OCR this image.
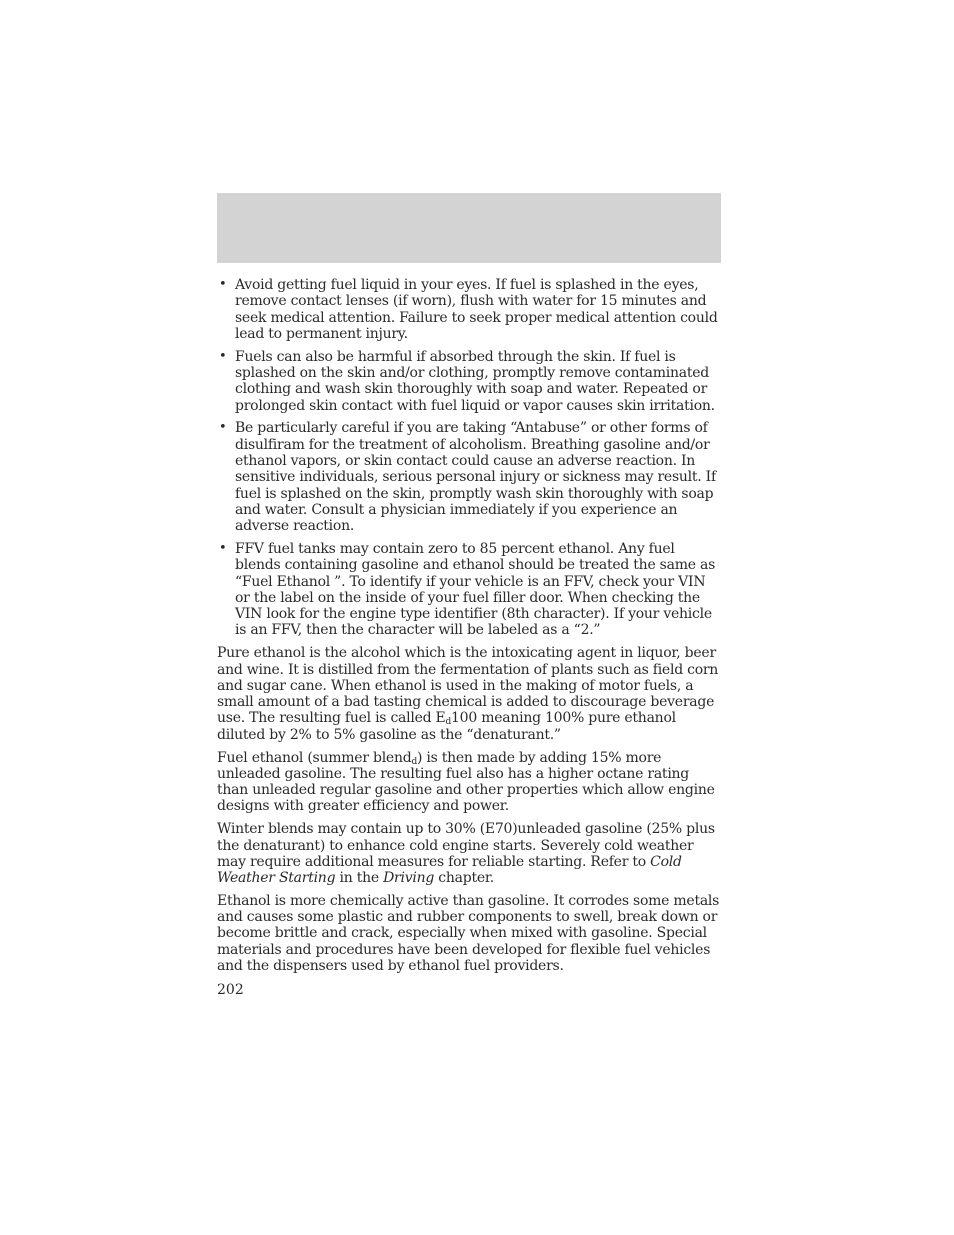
• Avoid getting fuel liquid in your eyes. If fuel is splashed in the eyes, remove contact lenses (if worn), flush with water for 15 minutes and seek medical attention. Failure to seek proper medical attention could lead to permanent injury.
• Fuels can also be harmful if absorbed through the skin. If fuel is splashed on the skin and/or clothing, promptly remove contaminated clothing and wash skin thoroughly with soap and water. Repeated or prolonged skin contact with fuel liquid or vapor causes skin irritation.
• Be particularly careful if you are taking “Antabuse” or other forms of disulfiram for the treatment of alcoholism. Breathing gasoline and/or ethanol vapors, or skin contact could cause an adverse reaction. In sensitive individuals, serious personal injury or sickness may result. If fuel is splashed on the skin, promptly wash skin thoroughly with soap and water. Consult a physician immediately if you experience an adverse reaction.
• FFV fuel tanks may contain zero to 85 percent ethanol. Any fuel blends containing gasoline and ethanol should be treated the same as “Fuel Ethanol ”. To identify if your vehicle is an FFV, check your VIN or the label on the inside of your fuel filler door. When checking the VIN look for the engine type identifier (8th character). If your vehicle is an FFV, then the character will be labeled as a “2.”

Pure ethanol is the alcohol which is the intoxicating agent in liquor, beer and wine. It is distilled from the fermentation of plants such as field corn and sugar cane. When ethanol is used in the making of motor fuels, a small amount of a bad tasting chemical is added to discourage beverage use. The resulting fuel is called $E_d100$ meaning 100% pure ethanol diluted by 2% to 5% gasoline as the “denaturant.”

Fuel ethanol (summer blend$_d$) is then made by adding 15% more unleaded gasoline. The resulting fuel also has a higher octane rating than unleaded regular gasoline and other properties which allow engine designs with greater efficiency and power.

Winter blends may contain up to 30% (E70)unleaded gasoline (25% plus the denaturant) to enhance cold engine starts. Severely cold weather may require additional measures for reliable starting. Refer to Cold Weather Starting in the Driving chapter.

Ethanol is more chemically active than gasoline. It corrodes some metals and causes some plastic and rubber components to swell, break down or become brittle and crack, especially when mixed with gasoline. Special materials and procedures have been developed for flexible fuel vehicles and the dispensers used by ethanol fuel providers.

202
